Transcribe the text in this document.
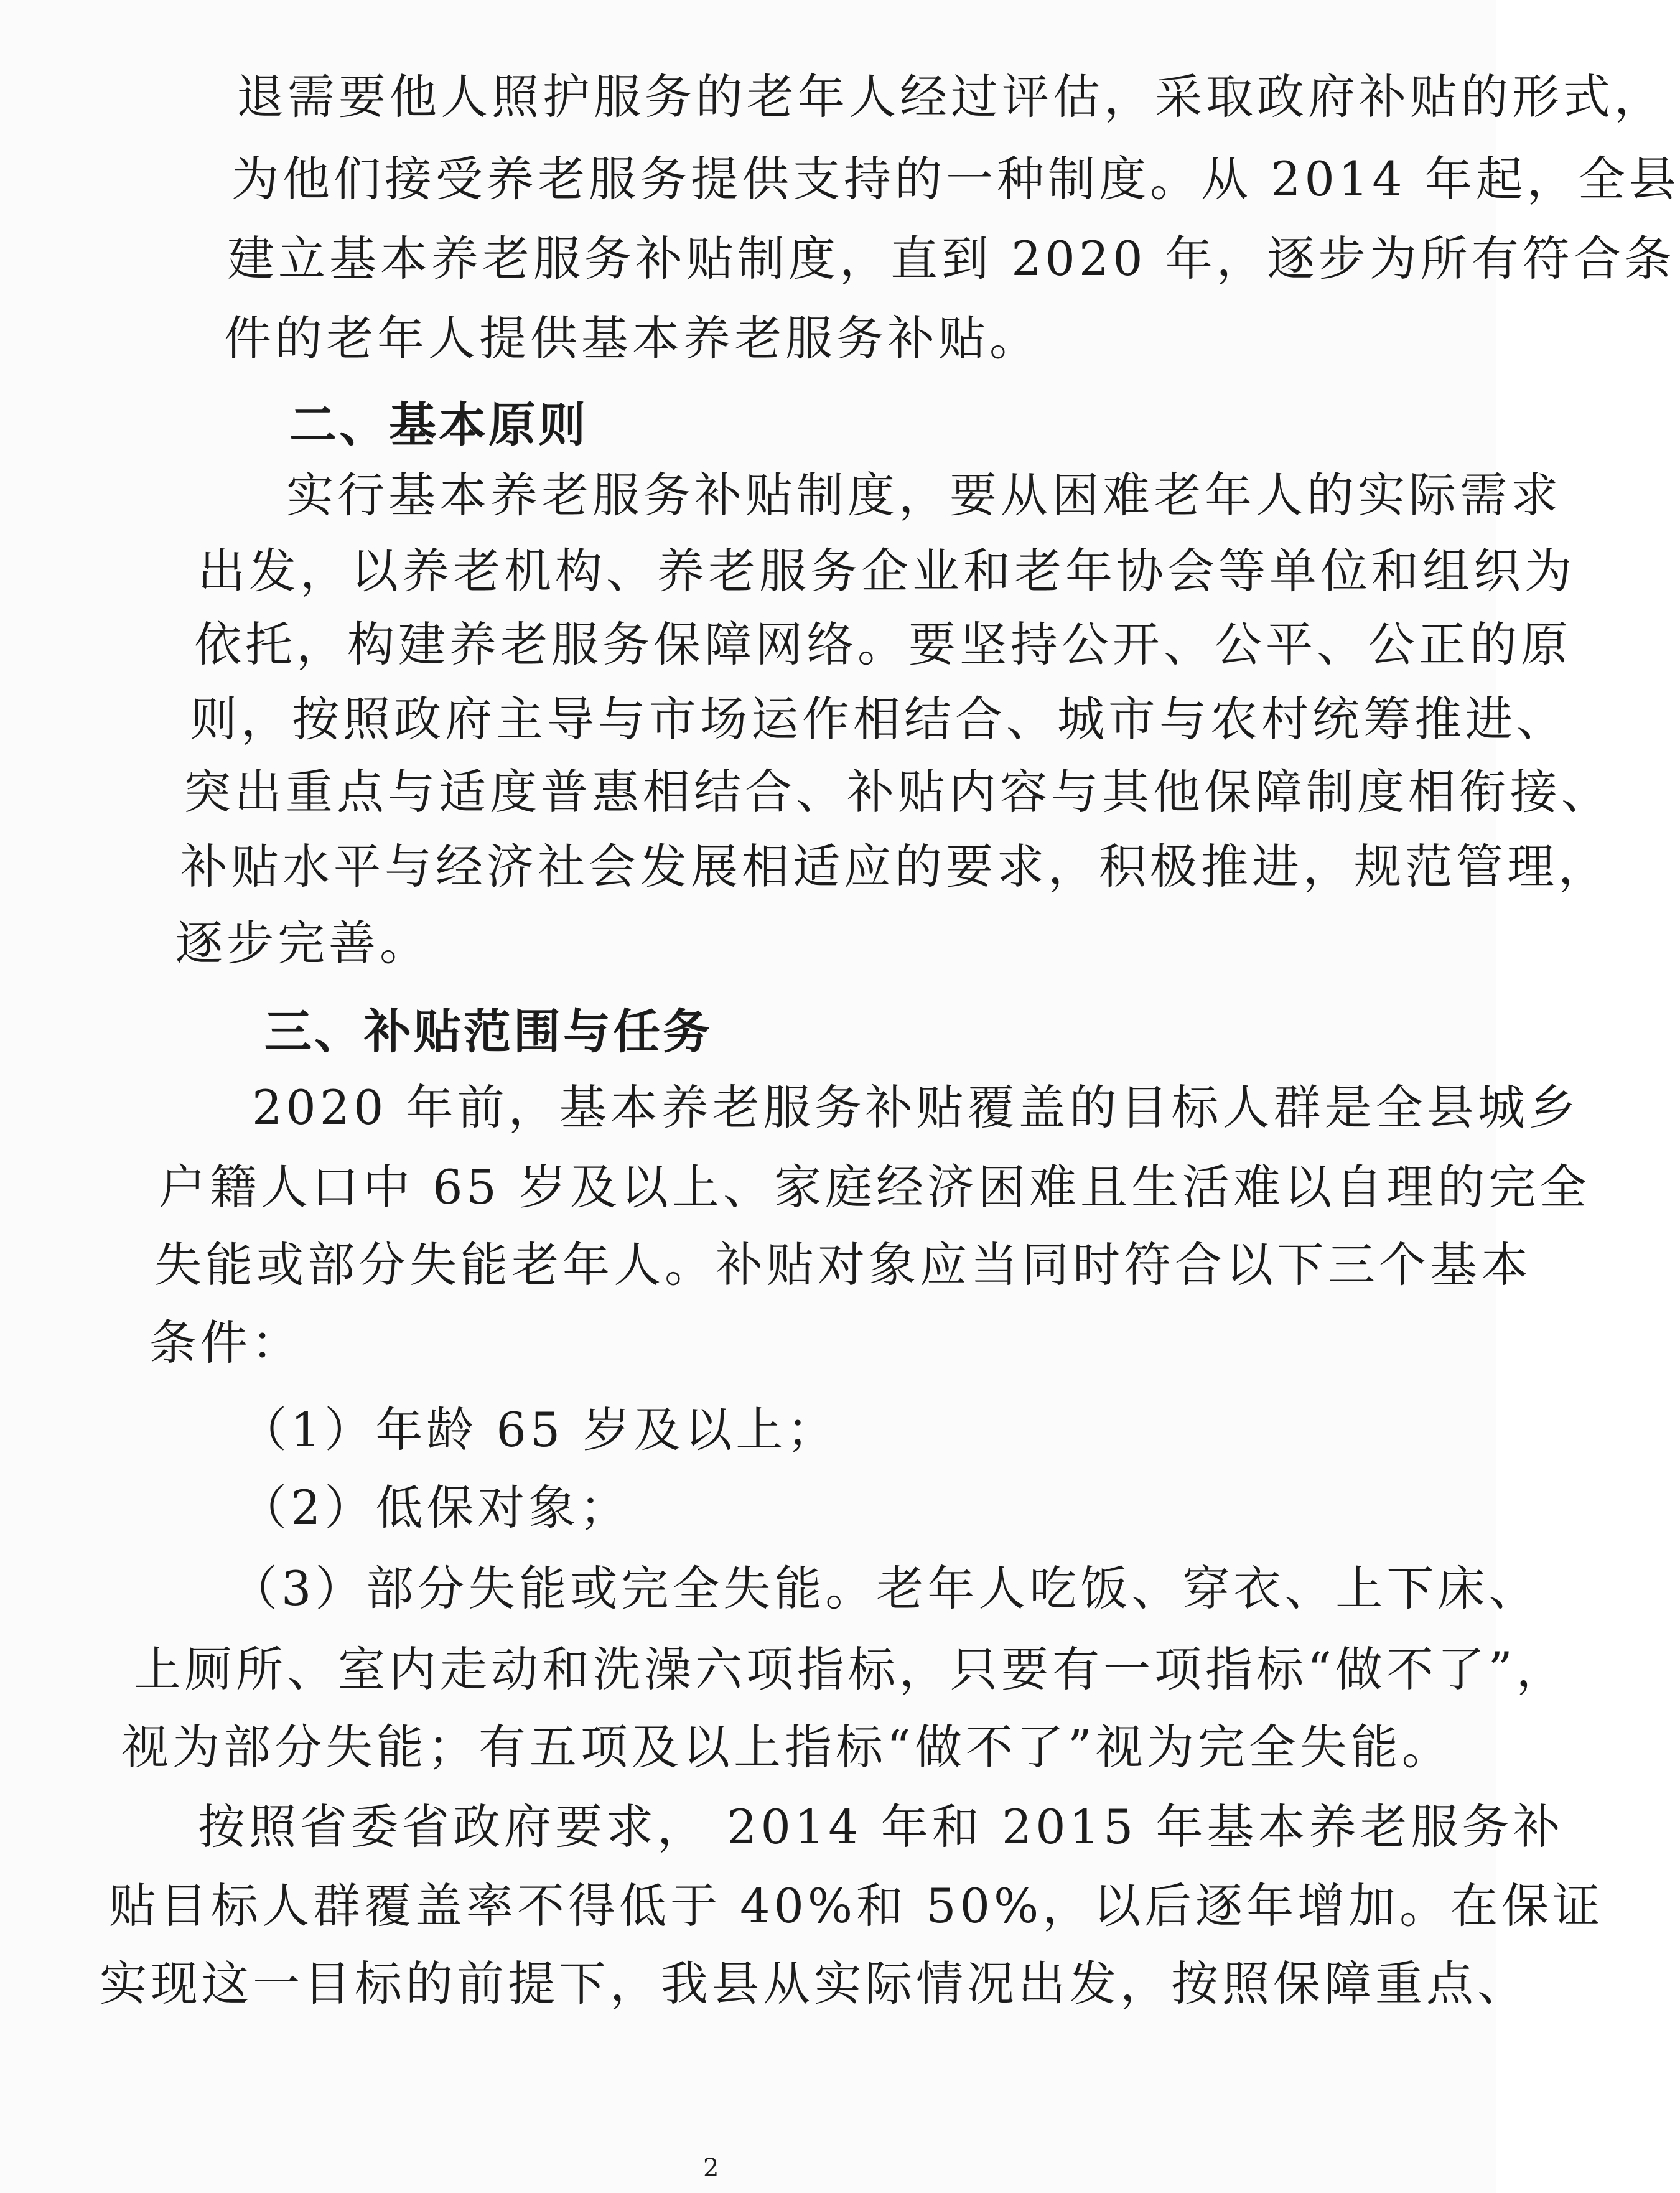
退需要他人照护服务的老年人经过评估，采取政府补贴的形式，
为他们接受养老服务提供支持的一种制度。从 2014 年起，全县
建立基本养老服务补贴制度，直到 2020 年，逐步为所有符合条
件的老年人提供基本养老服务补贴。
二、基本原则
实行基本养老服务补贴制度，要从困难老年人的实际需求
出发，以养老机构、养老服务企业和老年协会等单位和组织为
依托，构建养老服务保障网络。要坚持公开、公平、公正的原
则，按照政府主导与市场运作相结合、城市与农村统筹推进、
突出重点与适度普惠相结合、补贴内容与其他保障制度相衔接、
补贴水平与经济社会发展相适应的要求，积极推进，规范管理，
逐步完善。
三、补贴范围与任务
2020 年前，基本养老服务补贴覆盖的目标人群是全县城乡
户籍人口中 65 岁及以上、家庭经济困难且生活难以自理的完全
失能或部分失能老年人。补贴对象应当同时符合以下三个基本
条件：
（1）年龄 65 岁及以上；
（2）低保对象；
（3）部分失能或完全失能。老年人吃饭、穿衣、上下床、
上厕所、室内走动和洗澡六项指标，只要有一项指标“做不了”，
视为部分失能；有五项及以上指标“做不了”视为完全失能。
按照省委省政府要求， 2014 年和 2015 年基本养老服务补
贴目标人群覆盖率不得低于 40%和 50%，以后逐年增加。在保证
实现这一目标的前提下，我县从实际情况出发，按照保障重点、
2
